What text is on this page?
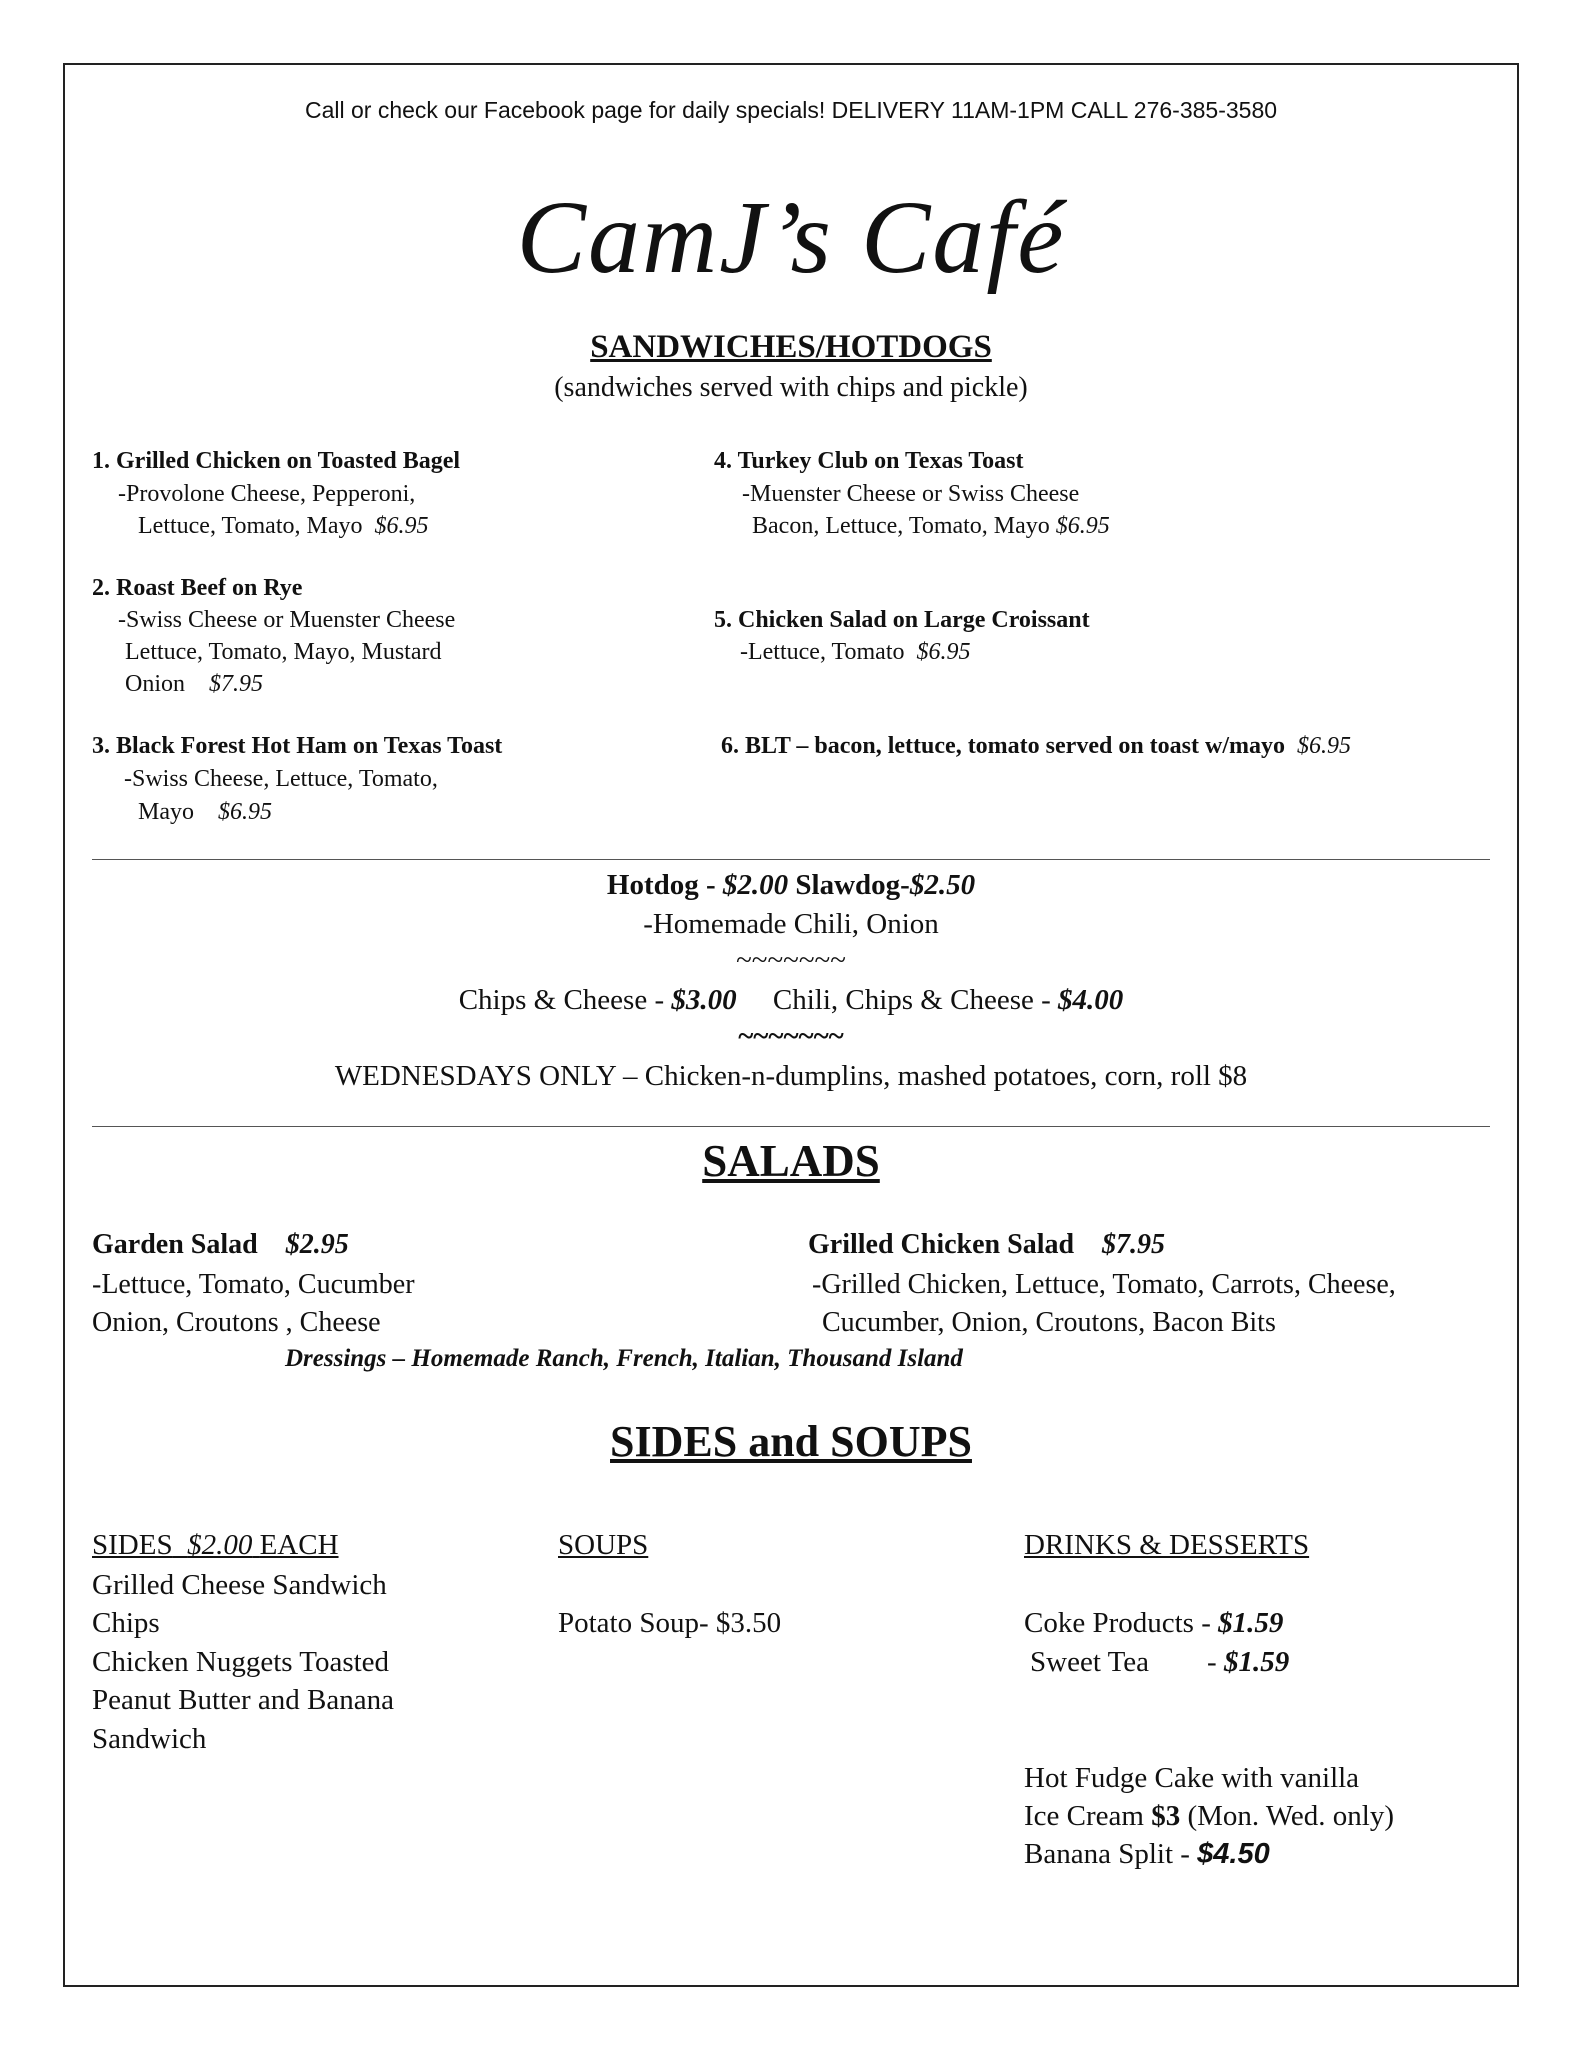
Call or check our Facebook page for daily specials! DELIVERY 11AM-1PM CALL 276-385-3580
CamJ’s Café
SANDWICHES/HOTDOGS
(sandwiches served with chips and pickle)
1. Grilled Chicken on Toasted Bagel
-Provolone Cheese, Pepperoni,
Lettuce, Tomato, Mayo $6.95
2. Roast Beef on Rye
-Swiss Cheese or Muenster Cheese
Lettuce, Tomato, Mayo, Mustard
Onion $7.95
3. Black Forest Hot Ham on Texas Toast
-Swiss Cheese, Lettuce, Tomato,
Mayo $6.95
4. Turkey Club on Texas Toast
-Muenster Cheese or Swiss Cheese
Bacon, Lettuce, Tomato, Mayo $6.95
5. Chicken Salad on Large Croissant
-Lettuce, Tomato $6.95
6. BLT – bacon, lettuce, tomato served on toast w/mayo $6.95
Hotdog - $2.00 Slawdog-$2.50
-Homemade Chili, Onion
~~~~~~~
Chips & Cheese - $3.00 Chili, Chips & Cheese - $4.00
~~~~~~~
WEDNESDAYS ONLY – Chicken-n-dumplins, mashed potatoes, corn, roll $8
SALADS
Garden Salad $2.95
-Lettuce, Tomato, Cucumber
Onion, Croutons , Cheese
Grilled Chicken Salad $7.95
-Grilled Chicken, Lettuce, Tomato, Carrots, Cheese,
Cucumber, Onion, Croutons, Bacon Bits
Dressings – Homemade Ranch, French, Italian, Thousand Island
SIDES and SOUPS
SIDES $2.00 EACH
Grilled Cheese Sandwich
Chips
Chicken Nuggets Toasted
Peanut Butter and Banana
Sandwich
SOUPS
Potato Soup- $3.50
DRINKS & DESSERTS
Coke Products - $1.59
Sweet Tea        - $1.59
Hot Fudge Cake with vanilla
Ice Cream $3 (Mon. Wed. only)
Banana Split - $4.50
